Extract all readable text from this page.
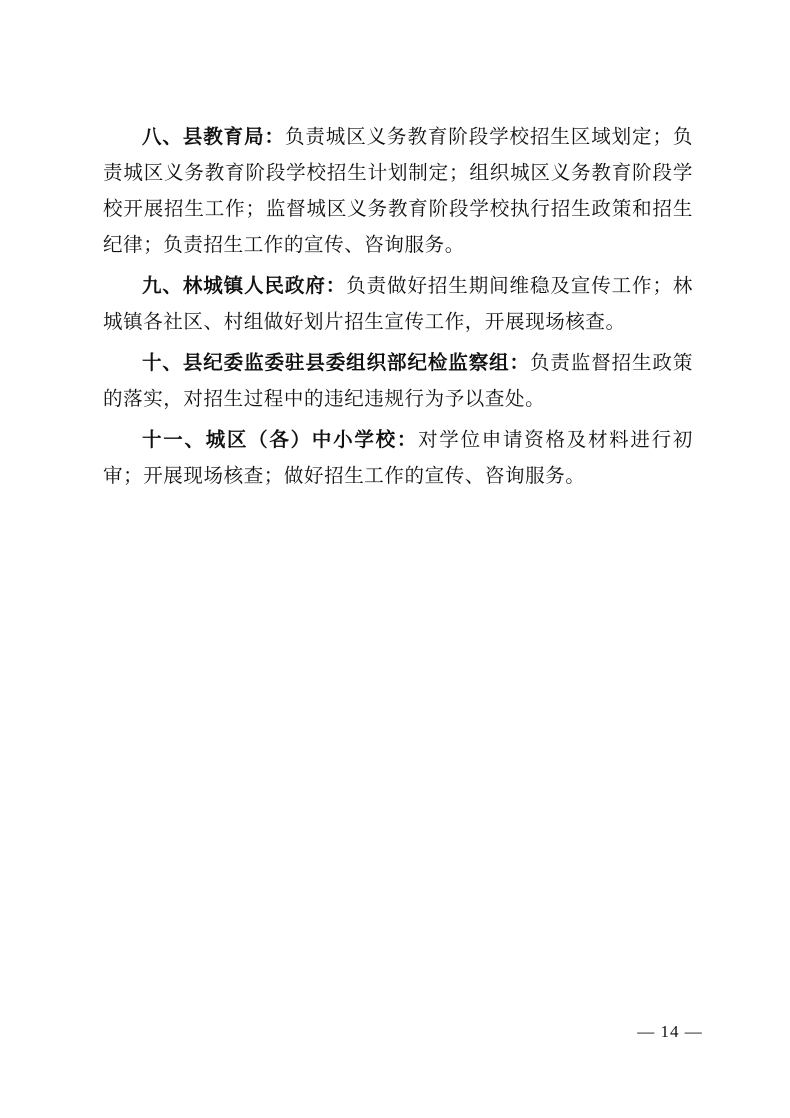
八、县教育局：负责城区义务教育阶段学校招生区域划定；负责城区义务教育阶段学校招生计划制定；组织城区义务教育阶段学校开展招生工作；监督城区义务教育阶段学校执行招生政策和招生纪律；负责招生工作的宣传、咨询服务。

九、林城镇人民政府：负责做好招生期间维稳及宣传工作；林城镇各社区、村组做好划片招生宣传工作，开展现场核查。

十、县纪委监委驻县委组织部纪检监察组：负责监督招生政策的落实，对招生过程中的违纪违规行为予以查处。

十一、城区（各）中小学校：对学位申请资格及材料进行初审；开展现场核查；做好招生工作的宣传、咨询服务。

— 14 —
